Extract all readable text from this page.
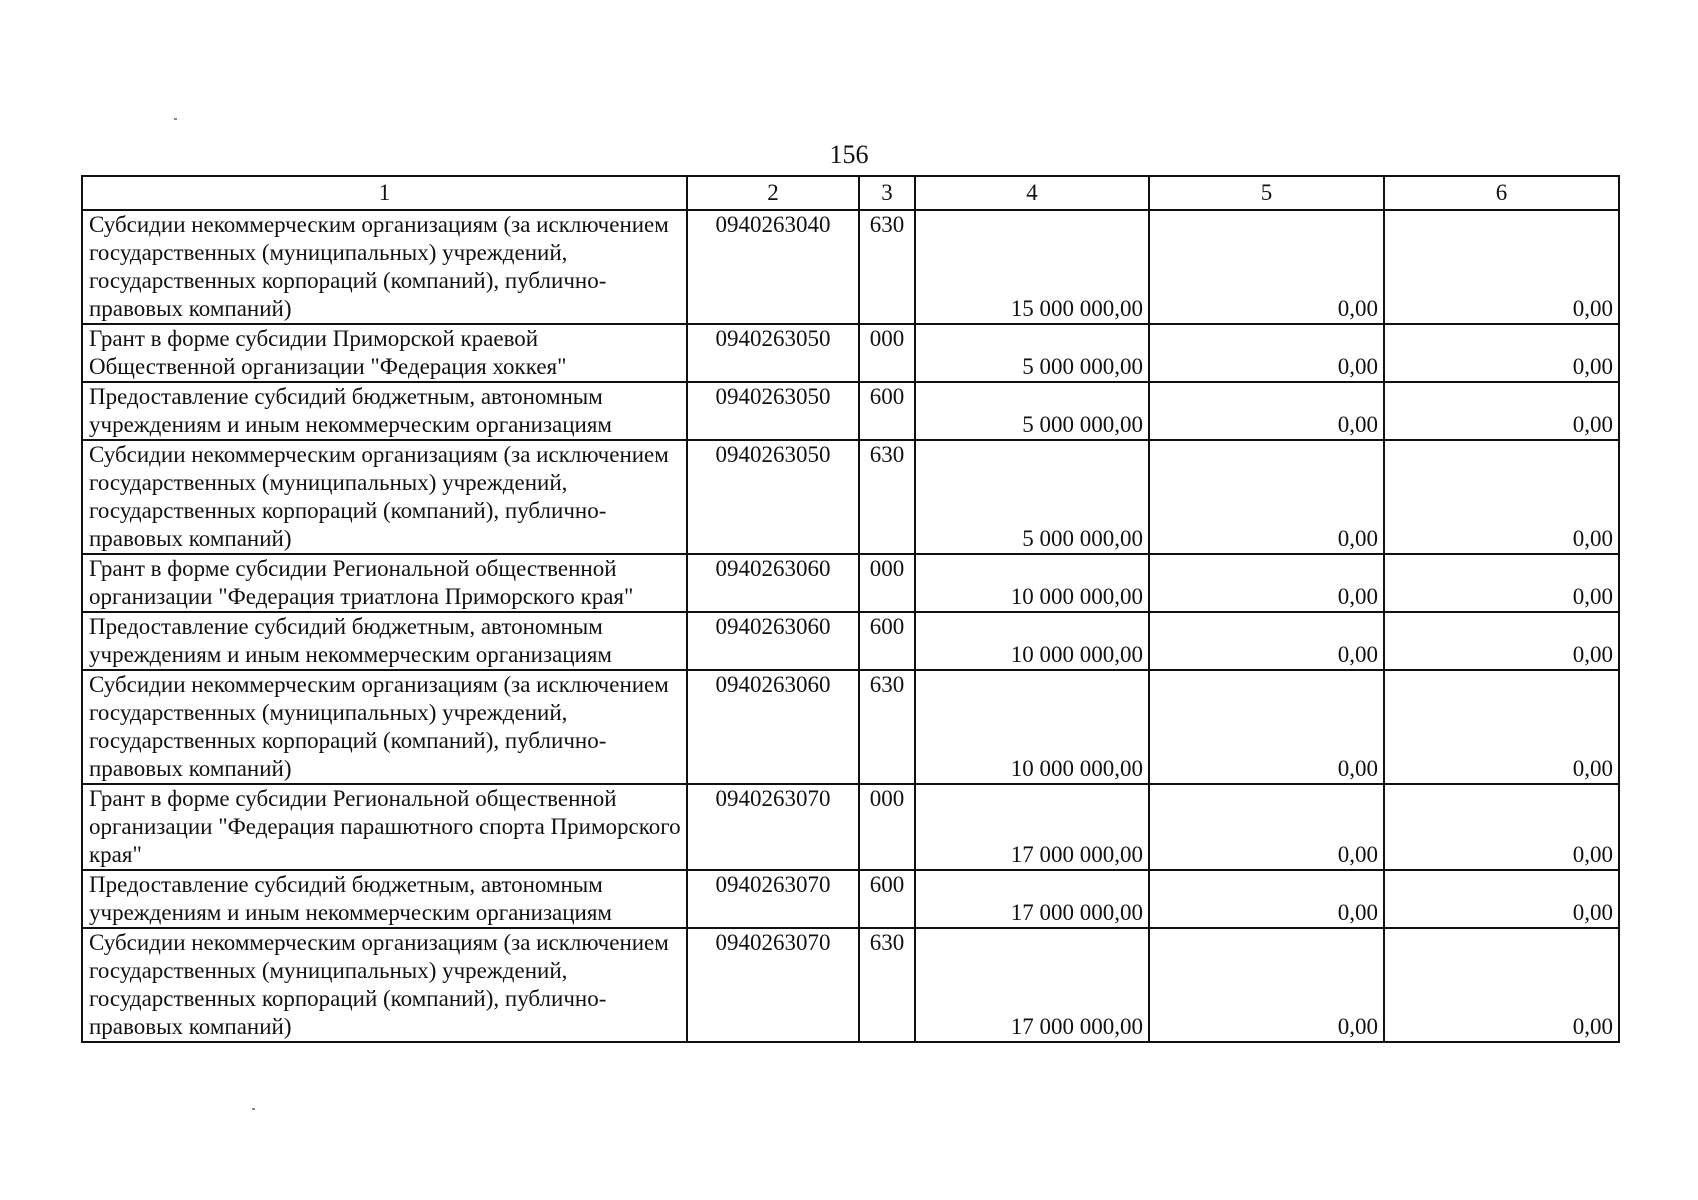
156
1	2	3	4	5	6
Субсидии некоммерческим организациям (за исключением государственных (муниципальных) учреждений, государственных корпораций (компаний), публично-правовых компаний)	0940263040	630	15 000 000,00	0,00	0,00
Грант в форме субсидии Приморской краевой Общественной организации "Федерация хоккея"	0940263050	000	5 000 000,00	0,00	0,00
Предоставление субсидий бюджетным, автономным учреждениям и иным некоммерческим организациям	0940263050	600	5 000 000,00	0,00	0,00
Субсидии некоммерческим организациям (за исключением государственных (муниципальных) учреждений, государственных корпораций (компаний), публично-правовых компаний)	0940263050	630	5 000 000,00	0,00	0,00
Грант в форме субсидии Региональной общественной организации "Федерация триатлона Приморского края"	0940263060	000	10 000 000,00	0,00	0,00
Предоставление субсидий бюджетным, автономным учреждениям и иным некоммерческим организациям	0940263060	600	10 000 000,00	0,00	0,00
Субсидии некоммерческим организациям (за исключением государственных (муниципальных) учреждений, государственных корпораций (компаний), публично-правовых компаний)	0940263060	630	10 000 000,00	0,00	0,00
Грант в форме субсидии Региональной общественной организации "Федерация парашютного спорта Приморского края"	0940263070	000	17 000 000,00	0,00	0,00
Предоставление субсидий бюджетным, автономным учреждениям и иным некоммерческим организациям	0940263070	600	17 000 000,00	0,00	0,00
Субсидии некоммерческим организациям (за исключением государственных (муниципальных) учреждений, государственных корпораций (компаний), публично-правовых компаний)	0940263070	630	17 000 000,00	0,00	0,00
